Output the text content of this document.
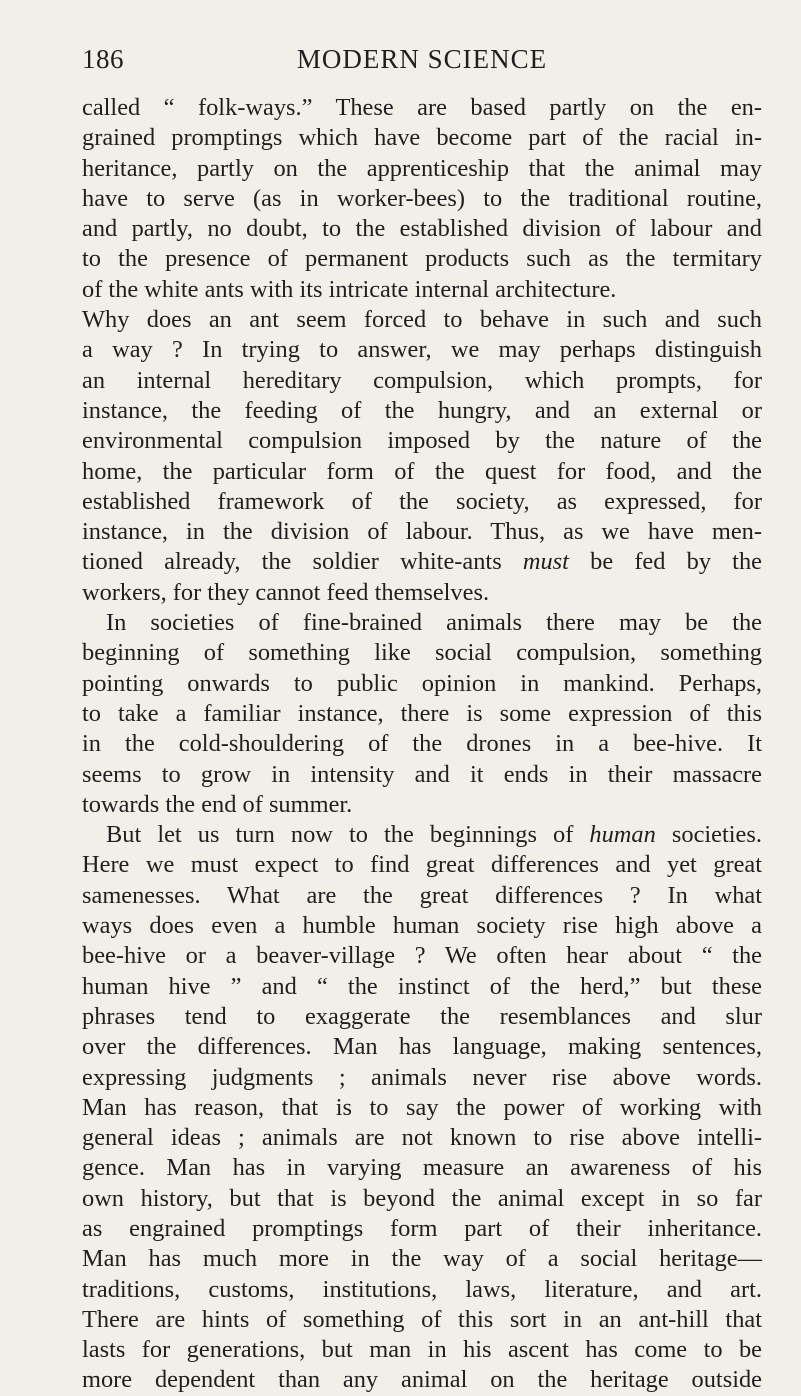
186	MODERN SCIENCE
called “ folk-ways.” These are based partly on the en-
grained promptings which have become part of the racial in-
heritance, partly on the apprenticeship that the animal may
have to serve (as in worker-bees) to the traditional routine,
and partly, no doubt, to the established division of labour and
to the presence of permanent products such as the termitary
of the white ants with its intricate internal architecture.
Why does an ant seem forced to behave in such and such
a way ? In trying to answer, we may perhaps distinguish
an internal hereditary compulsion, which prompts, for
instance, the feeding of the hungry, and an external or
environmental compulsion imposed by the nature of the
home, the particular form of the quest for food, and the
established framework of the society, as expressed, for
instance, in the division of labour. Thus, as we have men-
tioned already, the soldier white-ants must be fed by the
workers, for they cannot feed themselves.
In societies of fine-brained animals there may be the
beginning of something like social compulsion, something
pointing onwards to public opinion in mankind. Perhaps,
to take a familiar instance, there is some expression of this
in the cold-shouldering of the drones in a bee-hive. It
seems to grow in intensity and it ends in their massacre
towards the end of summer.
But let us turn now to the beginnings of human societies.
Here we must expect to find great differences and yet great
samenesses. What are the great differences ? In what
ways does even a humble human society rise high above a
bee-hive or a beaver-village ? We often hear about “ the
human hive ” and “ the instinct of the herd,” but these
phrases tend to exaggerate the resemblances and slur
over the differences. Man has language, making sentences,
expressing judgments ; animals never rise above words.
Man has reason, that is to say the power of working with
general ideas ; animals are not known to rise above intelli-
gence. Man has in varying measure an awareness of his
own history, but that is beyond the animal except in so far
as engrained promptings form part of their inheritance.
Man has much more in the way of a social heritage—
traditions, customs, institutions, laws, literature, and art.
There are hints of something of this sort in an ant-hill that
lasts for generations, but man in his ascent has come to be
more dependent than any animal on the heritage outside
